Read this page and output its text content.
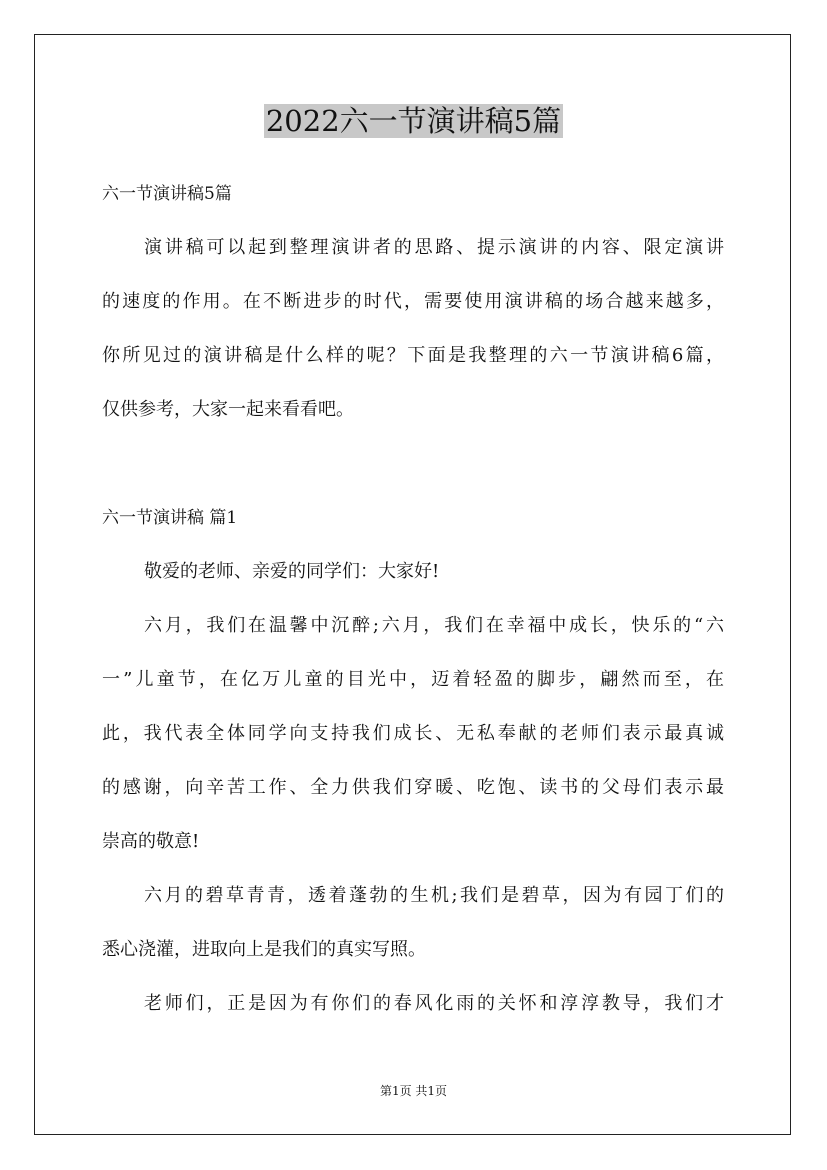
2022六一节演讲稿5篇
六一节演讲稿5篇
演讲稿可以起到整理演讲者的思路、提示演讲的内容、限定演讲
的速度的作用。在不断进步的时代，需要使用演讲稿的场合越来越多，
你所见过的演讲稿是什么样的呢？下面是我整理的六一节演讲稿6篇，
仅供参考，大家一起来看看吧。
六一节演讲稿 篇1
敬爱的老师、亲爱的同学们：大家好!
六月，我们在温馨中沉醉;六月，我们在幸福中成长，快乐的“六
一”儿童节，在亿万儿童的目光中，迈着轻盈的脚步，翩然而至，在
此，我代表全体同学向支持我们成长、无私奉献的老师们表示最真诚
的感谢，向辛苦工作、全力供我们穿暖、吃饱、读书的父母们表示最
崇高的敬意!
六月的碧草青青，透着蓬勃的生机;我们是碧草，因为有园丁们的
悉心浇灌，进取向上是我们的真实写照。
老师们，正是因为有你们的春风化雨的关怀和淳淳教导，我们才
第1页 共1页
